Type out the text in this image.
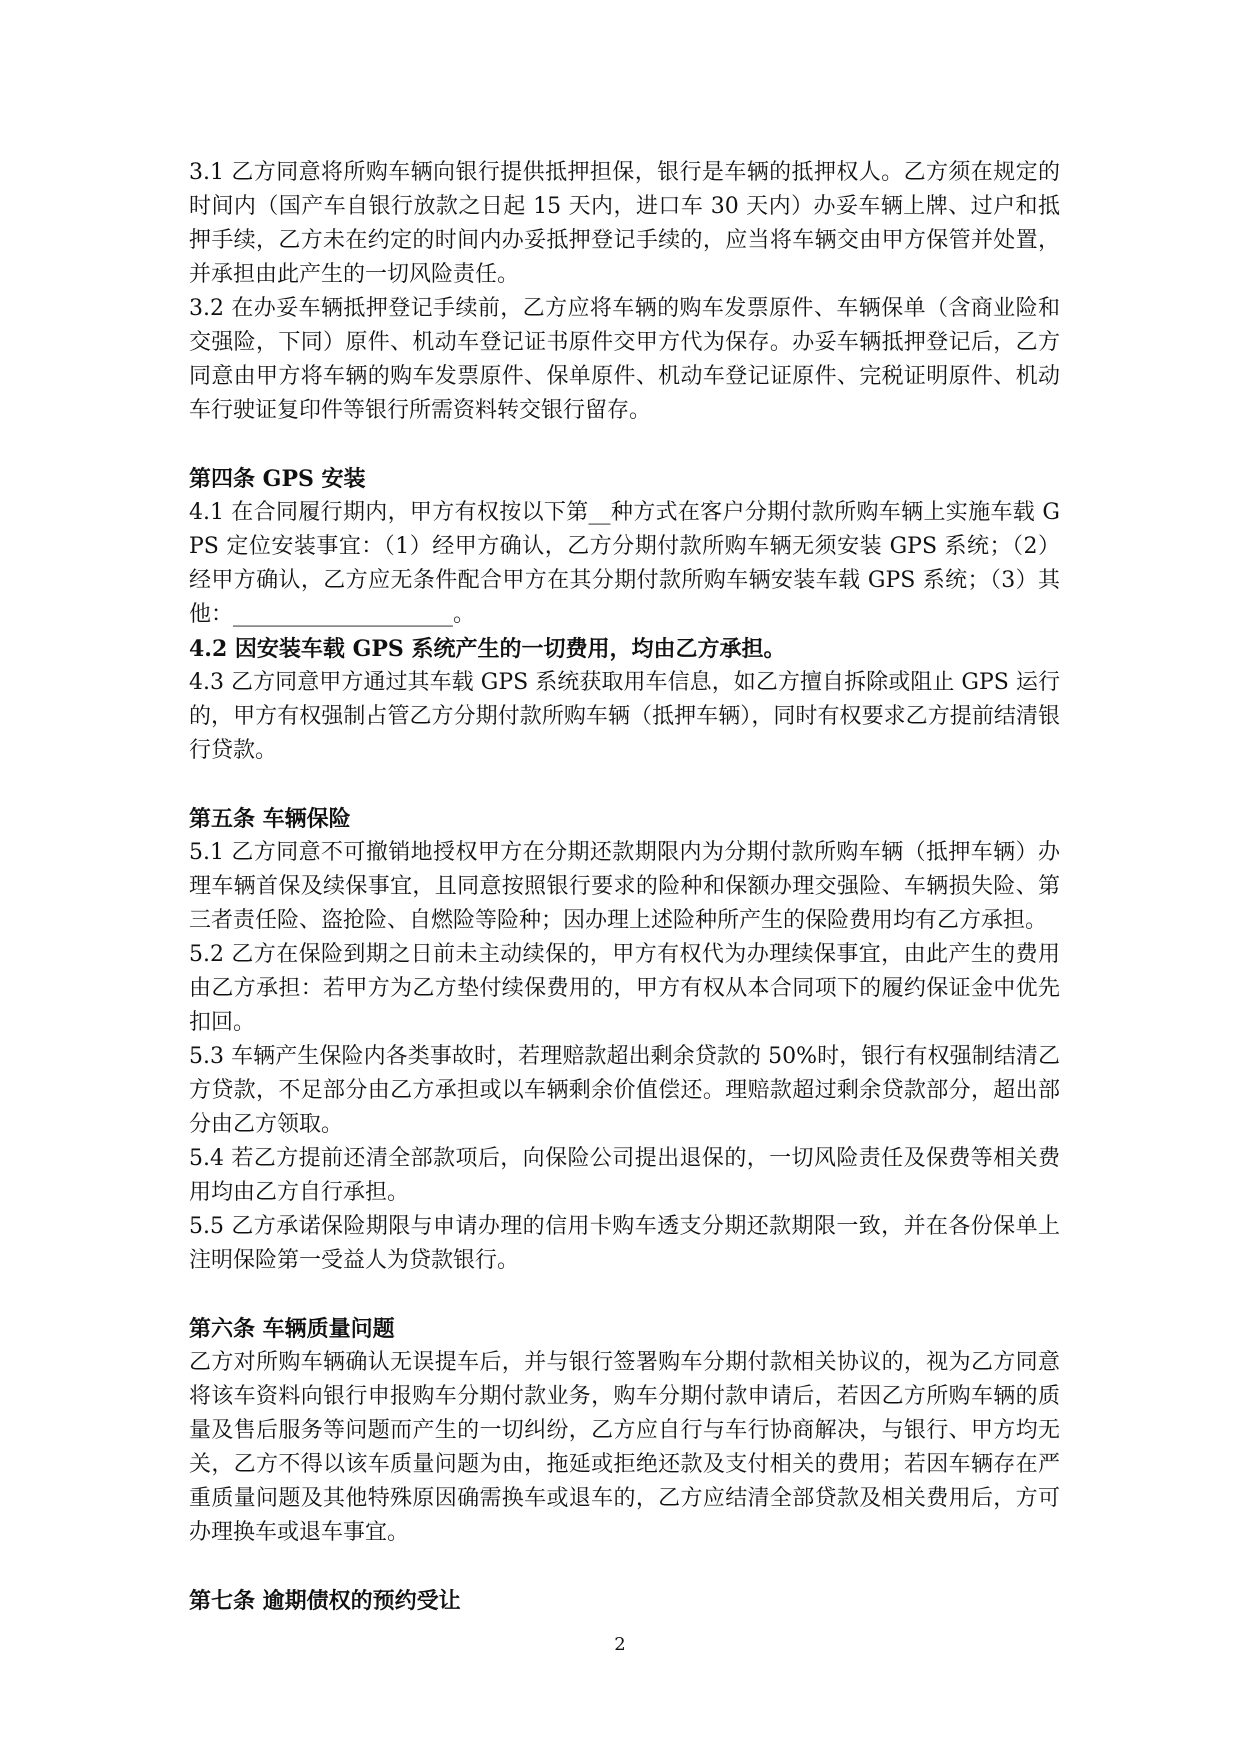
3.1 乙方同意将所购车辆向银行提供抵押担保，银行是车辆的抵押权人。乙方须在规定的时间内（国产车自银行放款之日起 15 天内，进口车 30 天内）办妥车辆上牌、过户和抵押手续，乙方未在约定的时间内办妥抵押登记手续的，应当将车辆交由甲方保管并处置，并承担由此产生的一切风险责任。

3.2 在办妥车辆抵押登记手续前，乙方应将车辆的购车发票原件、车辆保单（含商业险和交强险，下同）原件、机动车登记证书原件交甲方代为保存。办妥车辆抵押登记后，乙方同意由甲方将车辆的购车发票原件、保单原件、机动车登记证原件、完税证明原件、机动车行驶证复印件等银行所需资料转交银行留存。

第四条 GPS 安装

4.1 在合同履行期内，甲方有权按以下第__种方式在客户分期付款所购车辆上实施车载 GPS 定位安装事宜：（1）经甲方确认，乙方分期付款所购车辆无须安装 GPS 系统；（2）经甲方确认，乙方应无条件配合甲方在其分期付款所购车辆安装车载 GPS 系统；（3）其他：____________________。

4.2 因安装车载 GPS 系统产生的一切费用，均由乙方承担。

4.3 乙方同意甲方通过其车载 GPS 系统获取用车信息，如乙方擅自拆除或阻止 GPS 运行的，甲方有权强制占管乙方分期付款所购车辆（抵押车辆），同时有权要求乙方提前结清银行贷款。

第五条 车辆保险

5.1 乙方同意不可撤销地授权甲方在分期还款期限内为分期付款所购车辆（抵押车辆）办理车辆首保及续保事宜，且同意按照银行要求的险种和保额办理交强险、车辆损失险、第三者责任险、盗抢险、自燃险等险种；因办理上述险种所产生的保险费用均有乙方承担。

5.2 乙方在保险到期之日前未主动续保的，甲方有权代为办理续保事宜，由此产生的费用由乙方承担：若甲方为乙方垫付续保费用的，甲方有权从本合同项下的履约保证金中优先扣回。

5.3 车辆产生保险内各类事故时，若理赔款超出剩余贷款的 50%时，银行有权强制结清乙方贷款，不足部分由乙方承担或以车辆剩余价值偿还。理赔款超过剩余贷款部分，超出部分由乙方领取。

5.4 若乙方提前还清全部款项后，向保险公司提出退保的，一切风险责任及保费等相关费用均由乙方自行承担。

5.5 乙方承诺保险期限与申请办理的信用卡购车透支分期还款期限一致，并在各份保单上注明保险第一受益人为贷款银行。

第六条 车辆质量问题

乙方对所购车辆确认无误提车后，并与银行签署购车分期付款相关协议的，视为乙方同意将该车资料向银行申报购车分期付款业务，购车分期付款申请后，若因乙方所购车辆的质量及售后服务等问题而产生的一切纠纷，乙方应自行与车行协商解决，与银行、甲方均无关，乙方不得以该车质量问题为由，拖延或拒绝还款及支付相关的费用；若因车辆存在严重质量问题及其他特殊原因确需换车或退车的，乙方应结清全部贷款及相关费用后，方可办理换车或退车事宜。

第七条 逾期债权的预约受让

2
